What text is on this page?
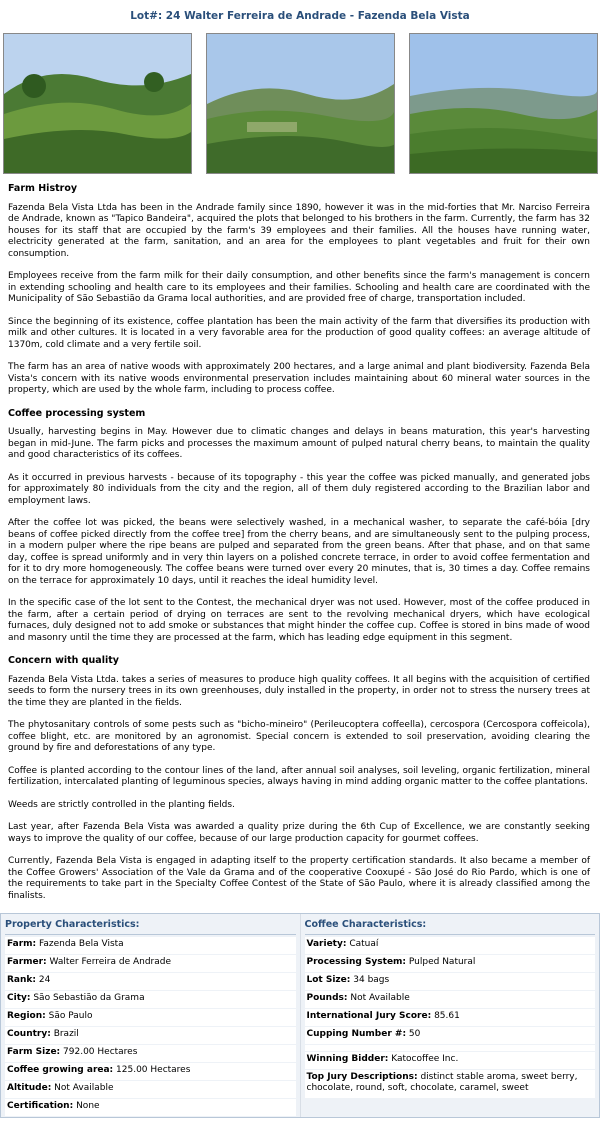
Lot#: 24 Walter Ferreira de Andrade - Fazenda Bela Vista
Farm Histroy

Fazenda Bela Vista Ltda has been in the Andrade family since 1890, however it was in the mid-forties that Mr. Narciso Ferreira de Andrade, known as "Tapico Bandeira", acquired the plots that belonged to his brothers in the farm. Currently, the farm has 32 houses for its staff that are occupied by the farm's 39 employees and their families. All the houses have running water, electricity generated at the farm, sanitation, and an area for the employees to plant vegetables and fruit for their own consumption.

Employees receive from the farm milk for their daily consumption, and other benefits since the farm's management is concern in extending schooling and health care to its employees and their families. Schooling and health care are coordinated with the Municipality of São Sebastião da Grama local authorities, and are provided free of charge, transportation included.

Since the beginning of its existence, coffee plantation has been the main activity of the farm that diversifies its production with milk and other cultures. It is located in a very favorable area for the production of good quality coffees: an average altitude of 1370m, cold climate and a very fertile soil.

The farm has an area of native woods with approximately 200 hectares, and a large animal and plant biodiversity. Fazenda Bela Vista's concern with its native woods environmental preservation includes maintaining about 60 mineral water sources in the property, which are used by the whole farm, including to process coffee.

Coffee processing system

Usually, harvesting begins in May. However due to climatic changes and delays in beans maturation, this year's harvesting began in mid-June. The farm picks and processes the maximum amount of pulped natural cherry beans, to maintain the quality and good characteristics of its coffees.

As it occurred in previous harvests - because of its topography - this year the coffee was picked manually, and generated jobs for approximately 80 individuals from the city and the region, all of them duly registered according to the Brazilian labor and employment laws.

After the coffee lot was picked, the beans were selectively washed, in a mechanical washer, to separate the café-bóia [dry beans of coffee picked directly from the coffee tree] from the cherry beans, and are simultaneously sent to the pulping process, in a modern pulper where the ripe beans are pulped and separated from the green beans. After that phase, and on that same day, coffee is spread uniformly and in very thin layers on a polished concrete terrace, in order to avoid coffee fermentation and for it to dry more homogeneously. The coffee beans were turned over every 20 minutes, that is, 30 times a day. Coffee remains on the terrace for approximately 10 days, until it reaches the ideal humidity level.

In the specific case of the lot sent to the Contest, the mechanical dryer was not used. However, most of the coffee produced in the farm, after a certain period of drying on terraces are sent to the revolving mechanical dryers, which have ecological furnaces, duly designed not to add smoke or substances that might hinder the coffee cup. Coffee is stored in bins made of wood and masonry until the time they are processed at the farm, which has leading edge equipment in this segment.

Concern with quality

Fazenda Bela Vista Ltda. takes a series of measures to produce high quality coffees. It all begins with the acquisition of certified seeds to form the nursery trees in its own greenhouses, duly installed in the property, in order not to stress the nursery trees at the time they are planted in the fields.

The phytosanitary controls of some pests such as "bicho-mineiro" (Perileucoptera coffeella), cercospora (Cercospora coffeicola), coffee blight, etc. are monitored by an agronomist. Special concern is extended to soil preservation, avoiding clearing the ground by fire and deforestations of any type.

Coffee is planted according to the contour lines of the land, after annual soil analyses, soil leveling, organic fertilization, mineral fertilization, intercalated planting of leguminous species, always having in mind adding organic matter to the coffee plantations.

Weeds are strictly controlled in the planting fields.

Last year, after Fazenda Bela Vista was awarded a quality prize during the 6th Cup of Excellence, we are constantly seeking ways to improve the quality of our coffee, because of our large production capacity for gourmet coffees.

Currently, Fazenda Bela Vista is engaged in adapting itself to the property certification standards. It also became a member of the Coffee Growers' Association of the Vale da Grama and of the cooperative Cooxupé - São José do Rio Pardo, which is one of the requirements to take part in the Specialty Coffee Contest of the State of São Paulo, where it is already classified among the finalists.

Property Characteristics:
Farm: Fazenda Bela Vista
Farmer: Walter Ferreira de Andrade
Rank: 24
City: São Sebastião da Grama
Region: São Paulo
Country: Brazil
Farm Size: 792.00 Hectares
Coffee growing area: 125.00 Hectares
Altitude: Not Available
Certification: None
Coffee Characteristics:
Variety: Catuaí
Processing System: Pulped Natural
Lot Size: 34 bags
Pounds: Not Available
International Jury Score: 85.61
Cupping Number #: 50
Winning Bidder: Katocoffee Inc.
Top Jury Descriptions: distinct stable aroma, sweet berry, chocolate, round, soft, chocolate, caramel, sweet
